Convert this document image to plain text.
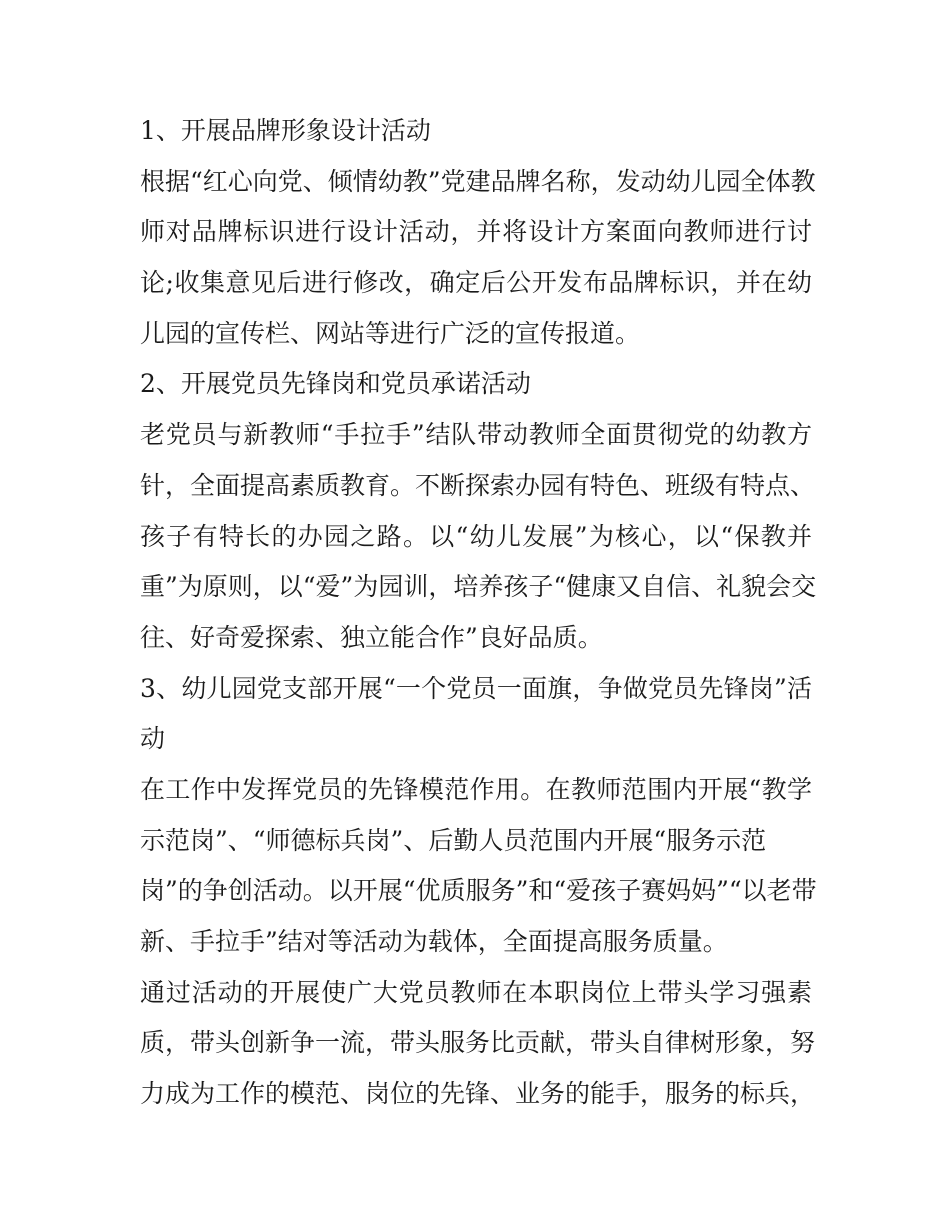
1、开展品牌形象设计活动
根据“红心向党、倾情幼教”党建品牌名称，发动幼儿园全体教
师对品牌标识进行设计活动，并将设计方案面向教师进行讨
论;收集意见后进行修改，确定后公开发布品牌标识，并在幼
儿园的宣传栏、网站等进行广泛的宣传报道。
2、开展党员先锋岗和党员承诺活动
老党员与新教师“手拉手”结队带动教师全面贯彻党的幼教方
针，全面提高素质教育。不断探索办园有特色、班级有特点、
孩子有特长的办园之路。以“幼儿发展”为核心，以“保教并
重”为原则，以“爱”为园训，培养孩子“健康又自信、礼貌会交
往、好奇爱探索、独立能合作”良好品质。
3、幼儿园党支部开展“一个党员一面旗，争做党员先锋岗”活
动
在工作中发挥党员的先锋模范作用。在教师范围内开展“教学
示范岗”、“师德标兵岗”、后勤人员范围内开展“服务示范
岗”的争创活动。以开展“优质服务”和“爱孩子赛妈妈”“以老带
新、手拉手”结对等活动为载体，全面提高服务质量。
通过活动的开展使广大党员教师在本职岗位上带头学习强素
质，带头创新争一流，带头服务比贡献，带头自律树形象，努
力成为工作的模范、岗位的先锋、业务的能手，服务的标兵，
